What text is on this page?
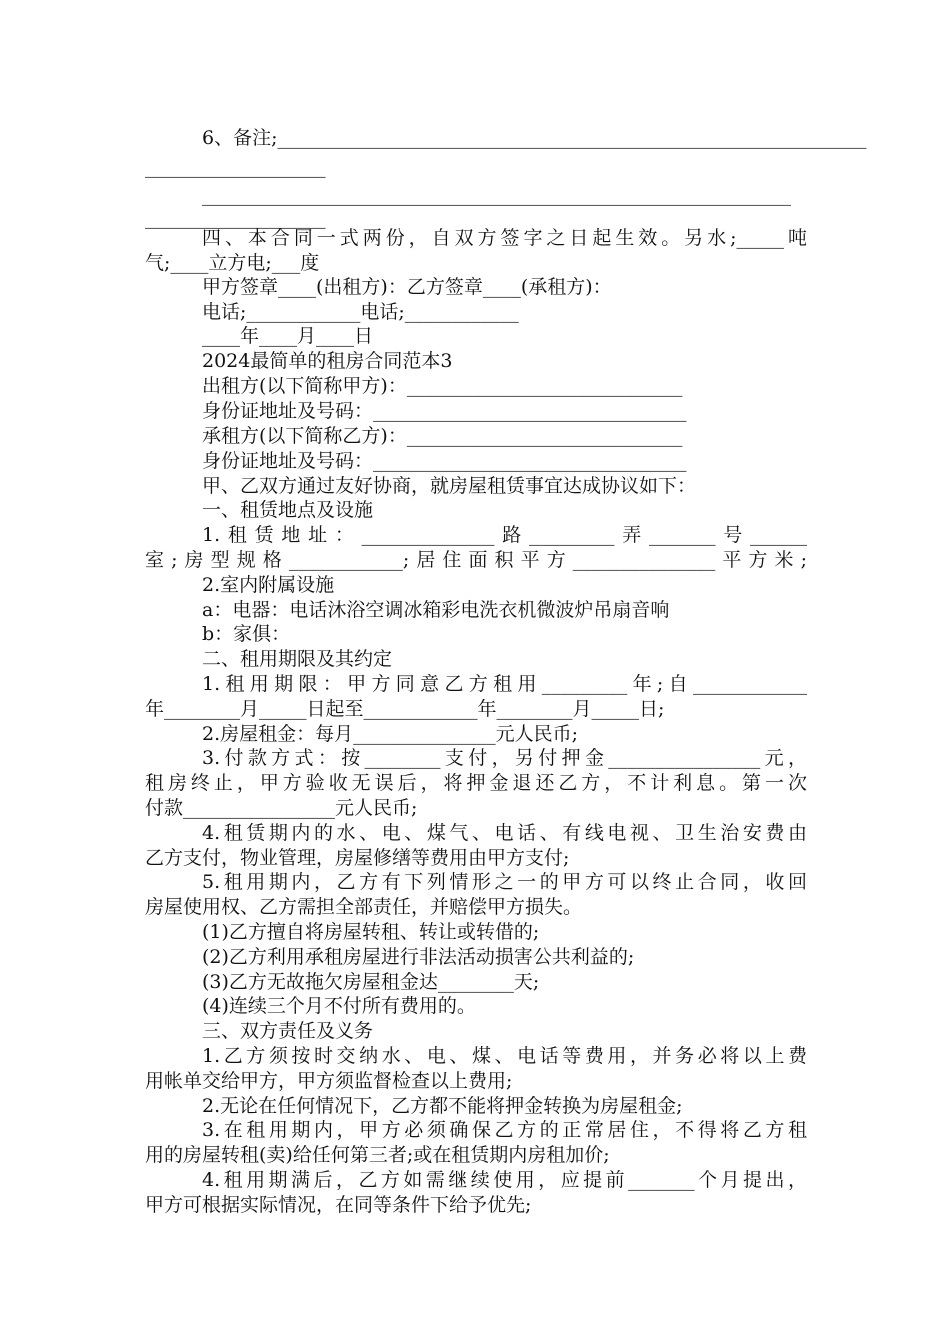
6、备注;______________________________________________________________
___________________
______________________________________________________________
___________________
四、本合同一式两份，自双方签字之日起生效。另水;_____吨
气;____立方电;___度
甲方签章____(出租方)：乙方签章____(承租方)：
电话;____________电话;____________
____年____月____日
2024最简单的租房合同范本3
出租方(以下简称甲方)：_____________________________
身份证地址及号码：_________________________________
承租方(以下简称乙方)：_____________________________
身份证地址及号码：_________________________________
甲、乙双方通过友好协商，就房屋租赁事宜达成协议如下：
一、租赁地点及设施
1.租赁地址：______________路_________弄_______号______
室;房型规格____________;居住面积平方_______________平方米;
2.室内附属设施
a：电器：电话沐浴空调冰箱彩电洗衣机微波炉吊扇音响
b：家俱：
二、租用期限及其约定
1.租用期限：甲方同意乙方租用_________年;自____________
年________月_____日起至____________年________月_____日;
2.房屋租金：每月_______________元人民币;
3.付款方式：按________支付，另付押金________________元，
租房终止，甲方验收无误后，将押金退还乙方，不计利息。第一次
付款________________元人民币;
4.租赁期内的水、电、煤气、电话、有线电视、卫生治安费由
乙方支付，物业管理，房屋修缮等费用由甲方支付;
5.租用期内，乙方有下列情形之一的甲方可以终止合同，收回
房屋使用权、乙方需担全部责任，并赔偿甲方损失。
(1)乙方擅自将房屋转租、转让或转借的;
(2)乙方利用承租房屋进行非法活动损害公共利益的;
(3)乙方无故拖欠房屋租金达________天;
(4)连续三个月不付所有费用的。
三、双方责任及义务
1.乙方须按时交纳水、电、煤、电话等费用，并务必将以上费
用帐单交给甲方，甲方须监督检查以上费用;
2.无论在任何情况下，乙方都不能将押金转换为房屋租金;
3.在租用期内，甲方必须确保乙方的正常居住，不得将乙方租
用的房屋转租(卖)给任何第三者;或在租赁期内房租加价;
4.租用期满后，乙方如需继续使用，应提前_______个月提出，
甲方可根据实际情况，在同等条件下给予优先;
